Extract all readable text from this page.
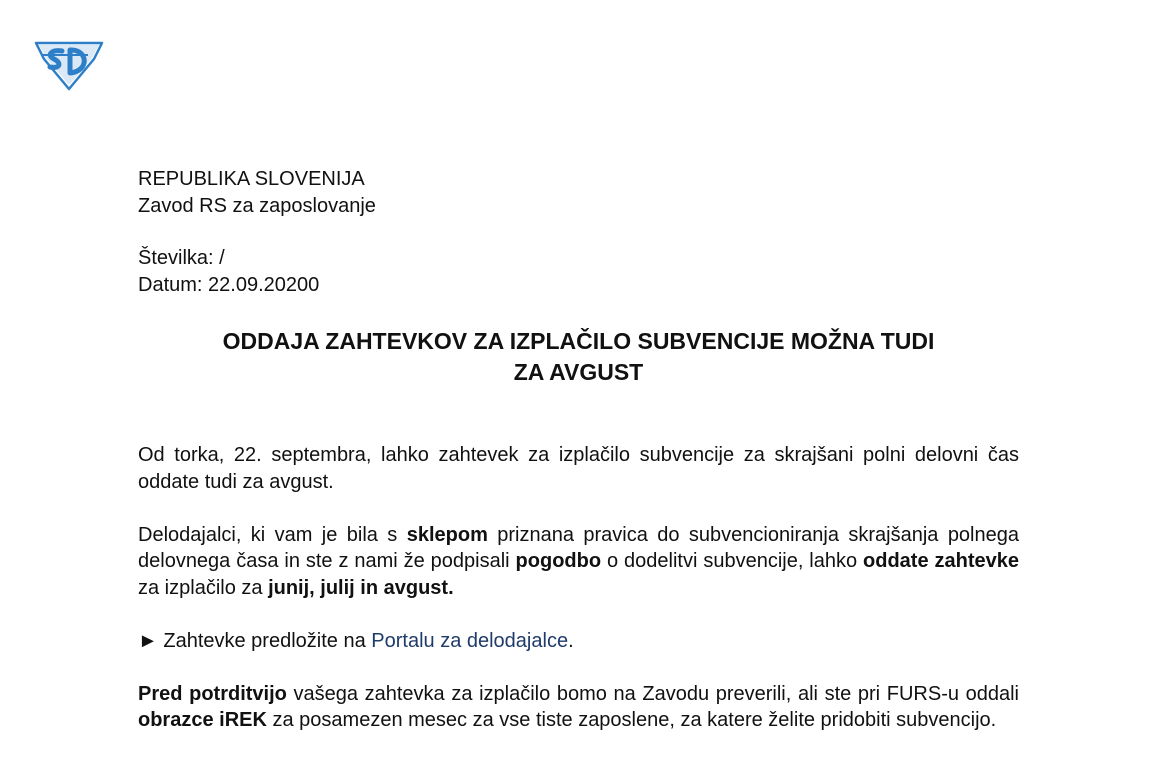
REPUBLIKA SLOVENIJA
Zavod RS za zaposlovanje
Številka: /
Datum: 22.09.20200
ODDAJA ZAHTEVKOV ZA IZPLAČILO SUBVENCIJE MOŽNA TUDI
ZA AVGUST

Od torka, 22. septembra, lahko zahtevek za izplačilo subvencije za skrajšani polni delovni čas oddate tudi za avgust.

Delodajalci, ki vam je bila s sklepom priznana pravica do subvencioniranja skrajšanja polnega delovnega časa in ste z nami že podpisali pogodbo o dodelitvi subvencije, lahko oddate zahtevke za izplačilo za junij, julij in avgust.

► Zahtevke predložite na Portalu za delodajalce.

Pred potrditvijo vašega zahtevka za izplačilo bomo na Zavodu preverili, ali ste pri FURS-u oddali obrazce iREK za posamezen mesec za vse tiste zaposlene, za katere želite pridobiti subvencijo.
